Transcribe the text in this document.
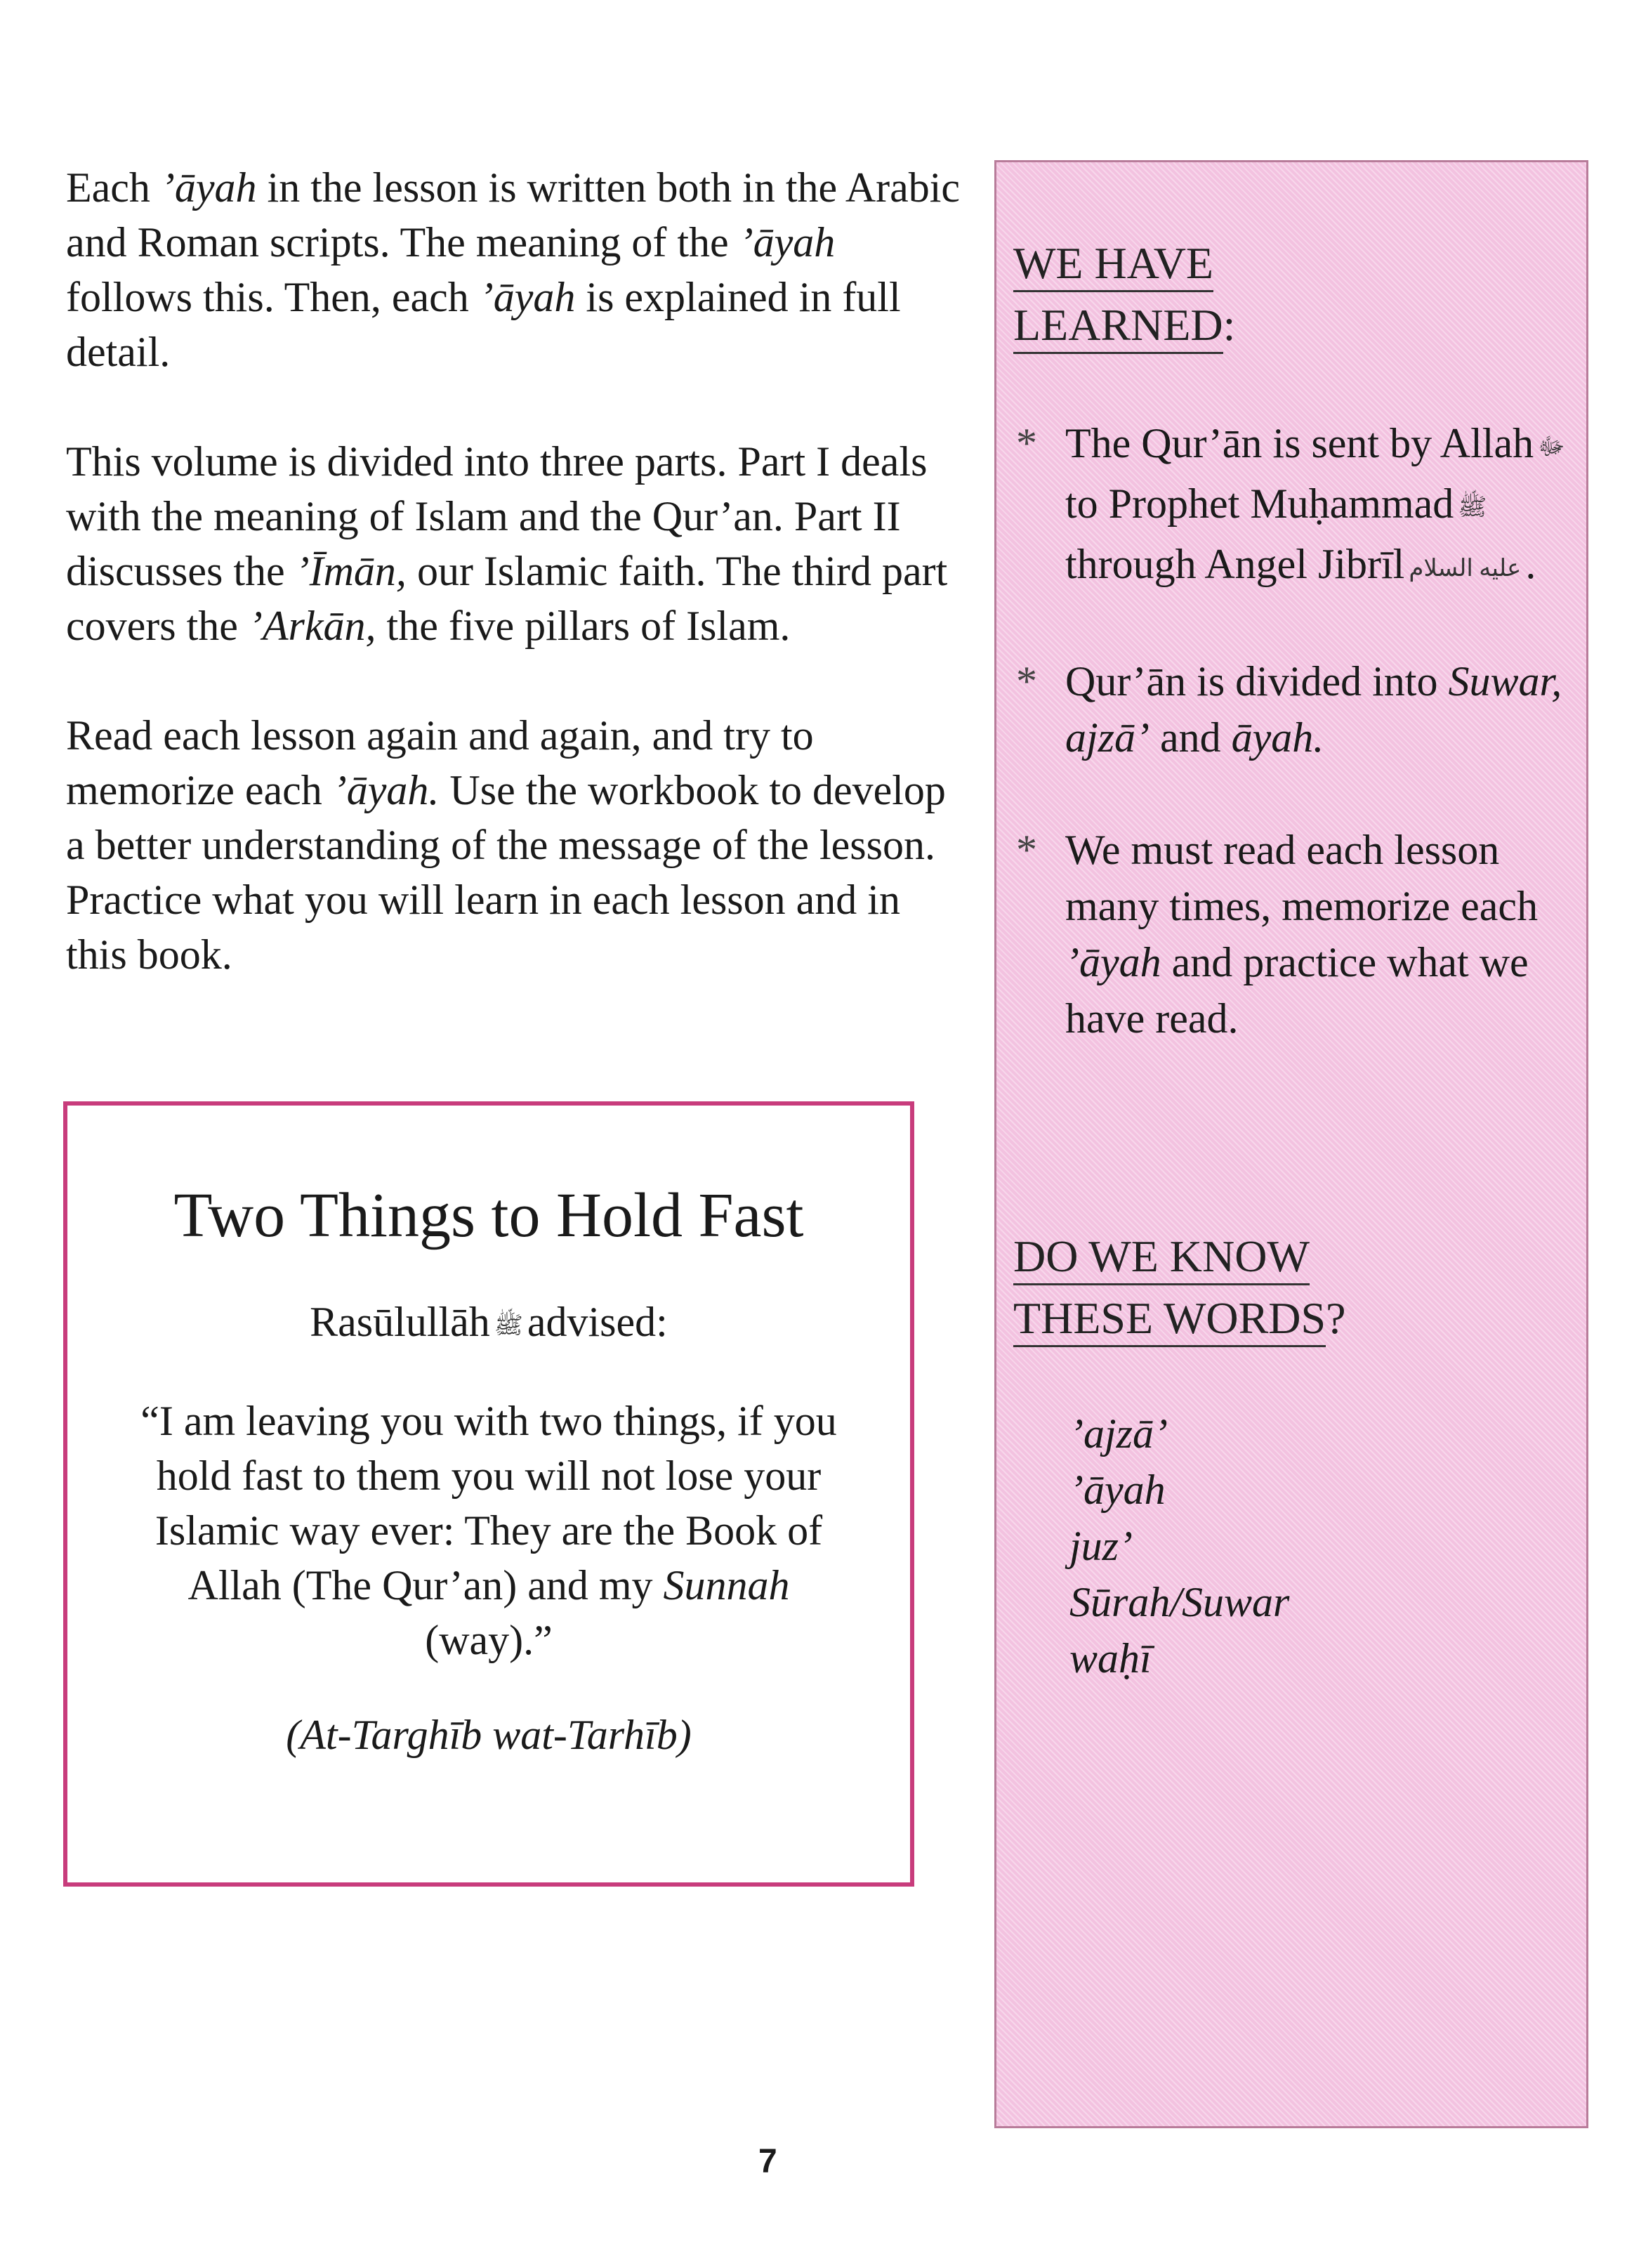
Each ’āyah in the lesson is written both in the Arabic and Roman scripts. The meaning of the ’āyah follows this. Then, each ’āyah is explained in full detail.

This volume is divided into three parts. Part I deals with the meaning of Islam and the Qur’an. Part II discusses the ’Īmān, our Islamic faith. The third part covers the ’Arkān, the five pillars of Islam.

Read each lesson again and again, and try to memorize each ’āyah. Use the workbook to develop a better understanding of the message of the lesson. Practice what you will learn in each lesson and in this book.

Two Things to Hold Fast
Rasūlullāh ﷺ advised:
“I am leaving you with two things, if you hold fast to them you will not lose your Islamic way ever: They are the Book of Allah (The Qur’an) and my Sunnah (way).”
(At-Targhīb wat-Tarhīb)
WE HAVE
LEARNED:
* The Qur’ān is sent by Allah ﷻto Prophet Muḥammad ﷺthrough Angel Jibrīl عليه السلام .
* Qur’ān is divided into Suwar, ajzā’ and āyah.
* We must read each lesson many times, memorize each ’āyah and practice what we have read.
DO WE KNOW
THESE WORDS?
’ajzā’
’āyah
juz’
Sūrah/Suwar
waḥī
7
